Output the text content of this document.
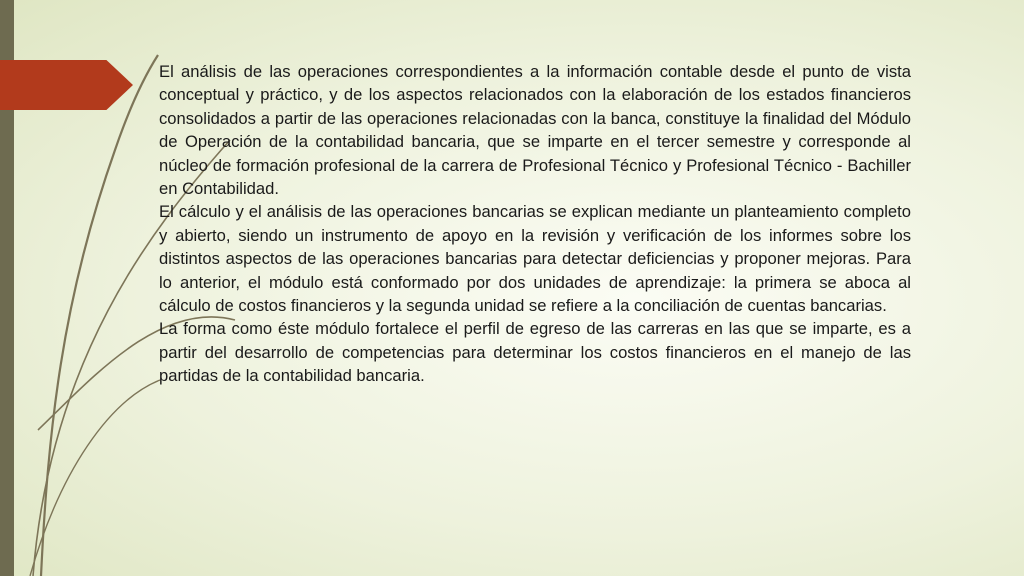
El análisis de las operaciones correspondientes a la información contable desde el punto de vista conceptual y práctico, y de los aspectos relacionados con la elaboración de los estados financieros consolidados a partir de las operaciones relacionadas con la banca, constituye la finalidad del Módulo de Operación de la contabilidad bancaria, que se imparte en el tercer semestre y corresponde al núcleo de formación profesional de la carrera de Profesional Técnico y Profesional Técnico - Bachiller en Contabilidad.

El cálculo y el análisis de las operaciones bancarias se explican mediante un planteamiento completo y abierto, siendo un instrumento de apoyo en la revisión y verificación de los informes sobre los distintos aspectos de las operaciones bancarias para detectar deficiencias y proponer mejoras. Para lo anterior, el módulo está conformado por dos unidades de aprendizaje: la primera se aboca al cálculo de costos financieros y la segunda unidad se refiere a la conciliación de cuentas bancarias.

La forma como éste módulo fortalece el perfil de egreso de las carreras en las que se imparte, es a partir del desarrollo de competencias para determinar los costos financieros en el manejo de las partidas de la contabilidad bancaria.
